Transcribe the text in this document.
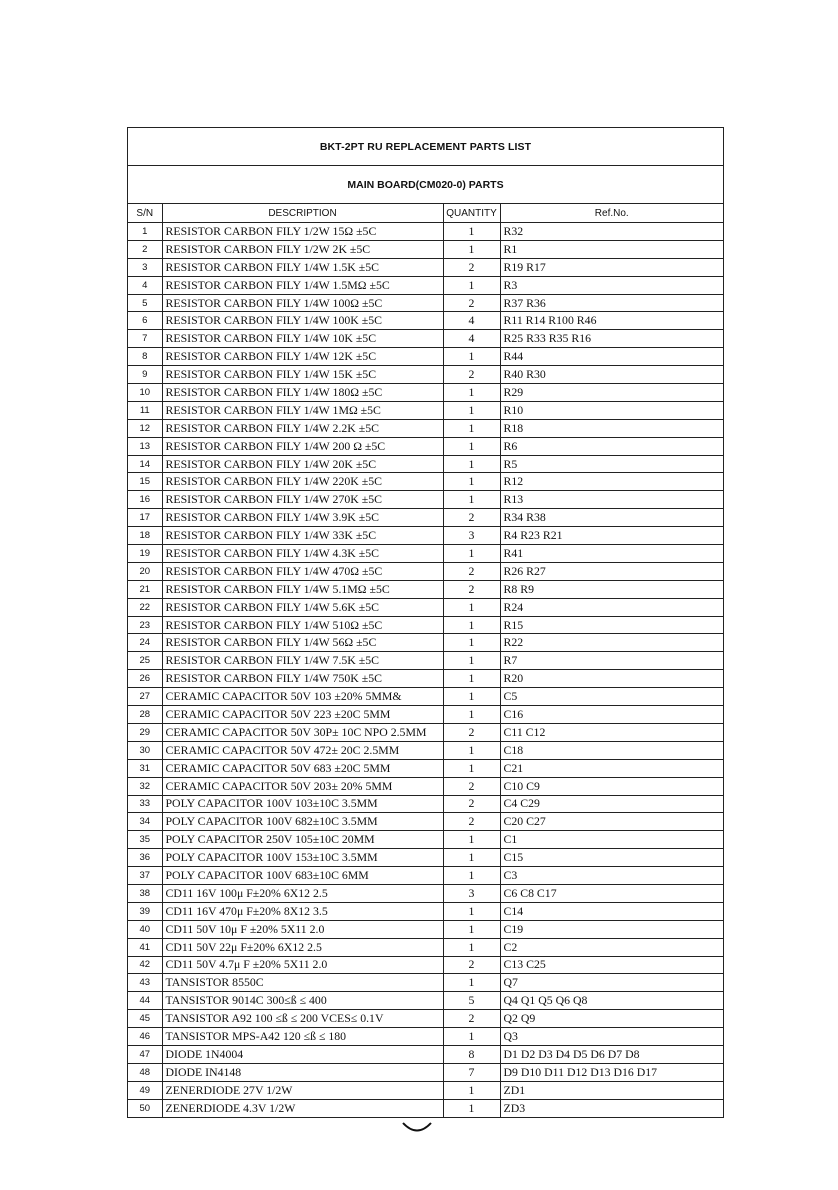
BKT-2PT RU REPLACEMENT PARTS LIST
MAIN BOARD(CM020-0) PARTS
S/N	DESCRIPTION	QUANTITY	Ref.No.
1	RESISTOR CARBON FILY 1/2W 15Ω ±5C	1	R32
2	RESISTOR CARBON FILY 1/2W 2K ±5C	1	R1
3	RESISTOR CARBON FILY 1/4W 1.5K ±5C	2	R19 R17
4	RESISTOR CARBON FILY 1/4W 1.5MΩ ±5C	1	R3
5	RESISTOR CARBON FILY 1/4W 100Ω ±5C	2	R37 R36
6	RESISTOR CARBON FILY 1/4W 100K ±5C	4	R11 R14 R100 R46
7	RESISTOR CARBON FILY 1/4W 10K ±5C	4	R25 R33 R35 R16
8	RESISTOR CARBON FILY 1/4W 12K ±5C	1	R44
9	RESISTOR CARBON FILY 1/4W 15K ±5C	2	R40 R30
10	RESISTOR CARBON FILY 1/4W 180Ω ±5C	1	R29
11	RESISTOR CARBON FILY 1/4W 1MΩ ±5C	1	R10
12	RESISTOR CARBON FILY 1/4W 2.2K ±5C	1	R18
13	RESISTOR CARBON FILY 1/4W 200 Ω ±5C	1	R6
14	RESISTOR CARBON FILY 1/4W 20K ±5C	1	R5
15	RESISTOR CARBON FILY 1/4W 220K ±5C	1	R12
16	RESISTOR CARBON FILY 1/4W 270K ±5C	1	R13
17	RESISTOR CARBON FILY 1/4W 3.9K ±5C	2	R34 R38
18	RESISTOR CARBON FILY 1/4W 33K ±5C	3	R4 R23 R21
19	RESISTOR CARBON FILY 1/4W 4.3K ±5C	1	R41
20	RESISTOR CARBON FILY 1/4W 470Ω ±5C	2	R26 R27
21	RESISTOR CARBON FILY 1/4W 5.1MΩ ±5C	2	R8 R9
22	RESISTOR CARBON FILY 1/4W 5.6K ±5C	1	R24
23	RESISTOR CARBON FILY 1/4W 510Ω ±5C	1	R15
24	RESISTOR CARBON FILY 1/4W 56Ω ±5C	1	R22
25	RESISTOR CARBON FILY 1/4W 7.5K ±5C	1	R7
26	RESISTOR CARBON FILY 1/4W 750K ±5C	1	R20
27	CERAMIC CAPACITOR 50V 103 ±20% 5MM&	1	C5
28	CERAMIC CAPACITOR 50V 223 ±20C 5MM	1	C16
29	CERAMIC CAPACITOR 50V 30P± 10C NPO 2.5MM	2	C11 C12
30	CERAMIC CAPACITOR 50V 472± 20C 2.5MM	1	C18
31	CERAMIC CAPACITOR 50V 683 ±20C 5MM	1	C21
32	CERAMIC CAPACITOR 50V 203± 20% 5MM	2	C10 C9
33	POLY CAPACITOR 100V 103±10C 3.5MM	2	C4 C29
34	POLY CAPACITOR 100V 682±10C 3.5MM	2	C20 C27
35	POLY CAPACITOR 250V 105±10C 20MM	1	C1
36	POLY CAPACITOR 100V 153±10C 3.5MM	1	C15
37	POLY CAPACITOR 100V 683±10C 6MM	1	C3
38	CD11 16V 100μ F±20% 6X12 2.5	3	C6 C8 C17
39	CD11 16V 470μ F±20% 8X12 3.5	1	C14
40	CD11 50V 10μ F ±20% 5X11 2.0	1	C19
41	CD11 50V 22μ F±20% 6X12 2.5	1	C2
42	CD11 50V 4.7μ F ±20% 5X11 2.0	2	C13 C25
43	TANSISTOR 8550C	1	Q7
44	TANSISTOR 9014C 300≤ß ≤ 400	5	Q4 Q1 Q5 Q6 Q8
45	TANSISTOR A92 100 ≤ß ≤ 200 VCES≤ 0.1V	2	Q2 Q9
46	TANSISTOR MPS-A42 120 ≤ß ≤ 180	1	Q3
47	DIODE 1N4004	8	D1 D2 D3 D4 D5 D6 D7 D8
48	DIODE IN4148	7	D9 D10 D11 D12 D13 D16 D17
49	ZENERDIODE 27V 1/2W	1	ZD1
50	ZENERDIODE 4.3V 1/2W	1	ZD3
